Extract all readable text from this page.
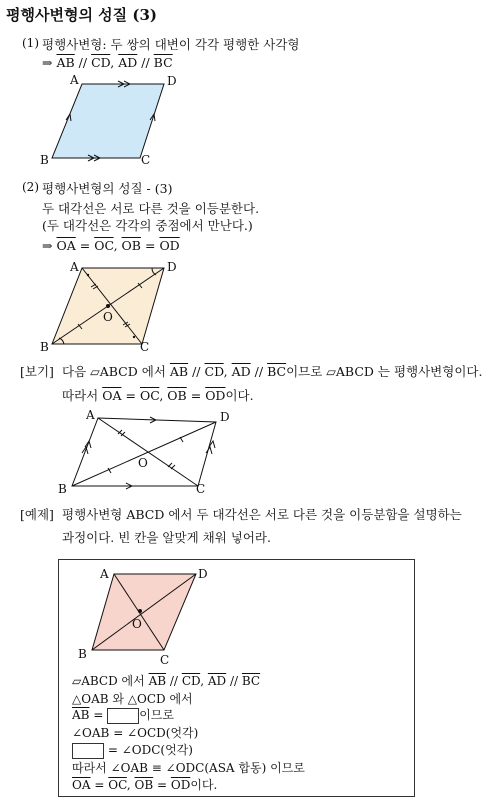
평행사변형의 성질 (3)
(1) 평행사변형: 두 쌍의 대변이 각각 평행한 사각형
⇒ $\overline{AB} // \overline{CD}$, $\overline{AD} // \overline{BC}$
A	D
B	C
(2) 평행사변형의 성질 - (3)
두 대각선은 서로 다른 것을 이등분한다.
(두 대각선은 각각의 중점에서 만난다.)
⇒ $\overline{OA} = \overline{OC}$, $\overline{OB} = \overline{OD}$
A	D
B	C
O
[보기] 다음 ▱ABCD 에서 $\overline{AB} // \overline{CD}$, $\overline{AD} // \overline{BC}$이므로 ▱ABCD 는 평행사변형이다.
따라서 $\overline{OA} = \overline{OC}$, $\overline{OB} = \overline{OD}$이다.
A	D
B	C
O
[예제] 평행사변형 ABCD 에서 두 대각선은 서로 다른 것을 이등분함을 설명하는
과정이다. 빈 칸을 알맞게 채워 넣어라.
A	D
B	C
O
▱ABCD 에서 $\overline{AB} // \overline{CD}$, $\overline{AD} // \overline{BC}$
△OAB 와 △OCD 에서
$\overline{AB}$ =	이므로
∠OAB = ∠OCD(엇각)
= ∠ODC(엇각)
따라서 ∠OAB ≡ ∠ODC(ASA 합동) 이므로
$\overline{OA} = \overline{OC}$, $\overline{OB} = \overline{OD}$이다.
